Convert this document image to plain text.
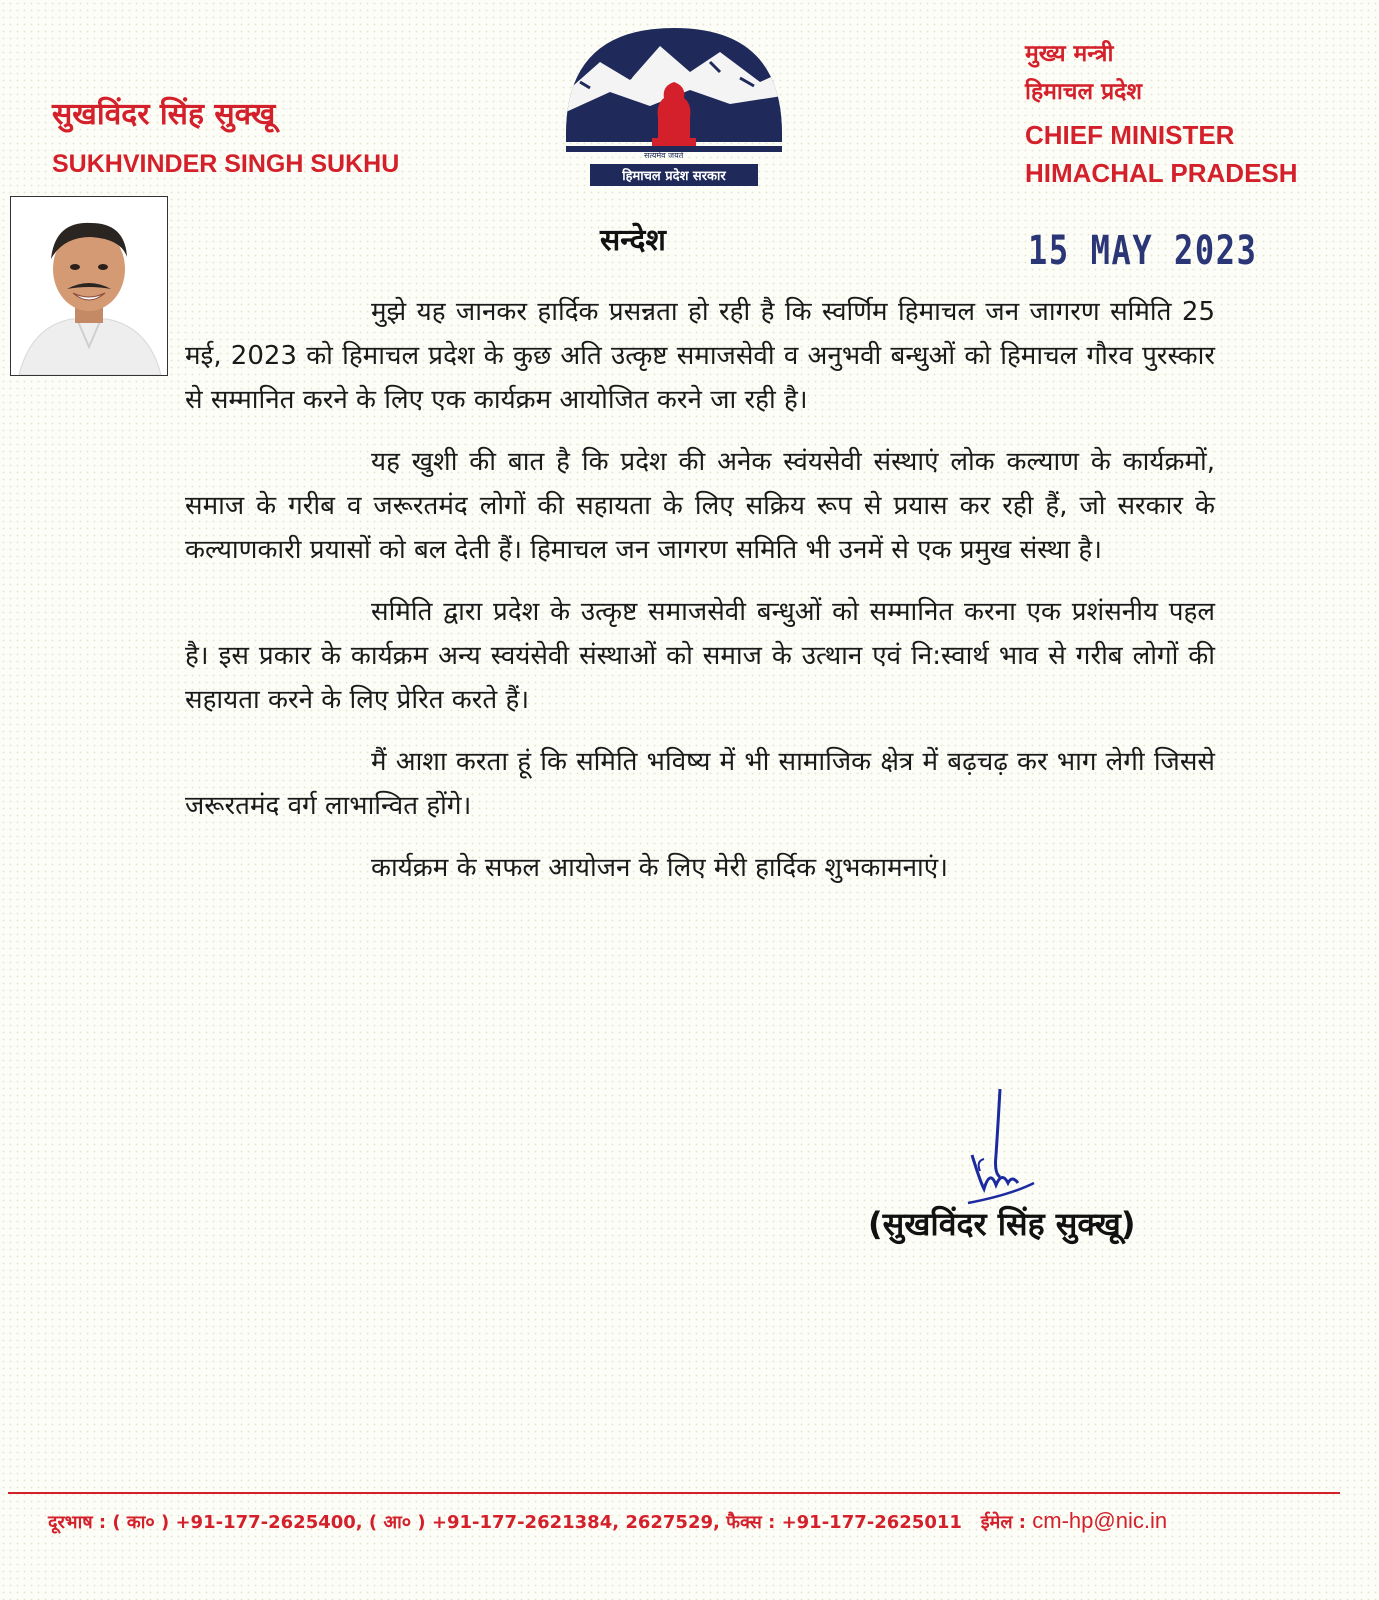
सुखविंदर सिंह सुक्खू
SUKHVINDER SINGH SUKHU	सत्यमेव जयते
हिमाचल प्रदेश सरकार
मुख्य मन्त्री
हिमाचल प्रदेश
CHIEF MINISTER
HIMACHAL PRADESH
15 MAY 2023
सन्देश

मुझे यह जानकर हार्दिक प्रसन्नता हो रही है कि स्वर्णिम हिमाचल जन जागरण समिति 25 मई, 2023 को हिमाचल प्रदेश के कुछ अति उत्कृष्ट समाजसेवी व अनुभवी बन्धुओं को हिमाचल गौरव पुरस्कार से सम्मानित करने के लिए एक कार्यक्रम आयोजित करने जा रही है।

यह खुशी की बात है कि प्रदेश की अनेक स्वंयसेवी संस्थाएं लोक कल्याण के कार्यक्रमों, समाज के गरीब व जरूरतमंद लोगों की सहायता के लिए सक्रिय रूप से प्रयास कर रही हैं, जो सरकार के कल्याणकारी प्रयासों को बल देती हैं। हिमाचल जन जागरण समिति भी उनमें से एक प्रमुख संस्था है।

समिति द्वारा प्रदेश के उत्कृष्ट समाजसेवी बन्धुओं को सम्मानित करना एक प्रशंसनीय पहल है। इस प्रकार के कार्यक्रम अन्य स्वयंसेवी संस्थाओं को समाज के उत्थान एवं नि:स्वार्थ भाव से गरीब लोगों की सहायता करने के लिए प्रेरित करते हैं।

मैं आशा करता हूं कि समिति भविष्य में भी सामाजिक क्षेत्र में बढ़चढ़ कर भाग लेगी जिससे जरूरतमंद वर्ग लाभान्वित होंगे।

कार्यक्रम के सफल आयोजन के लिए मेरी हार्दिक शुभकामनाएं।

(सुखविंदर सिंह सुक्खू)
दूरभाष : ( का० ) +91-177-2625400, ( आ० ) +91-177-2621384, 2627529, फैक्स : +91-177-2625011 ईमेल : cm-hp@nic.in
